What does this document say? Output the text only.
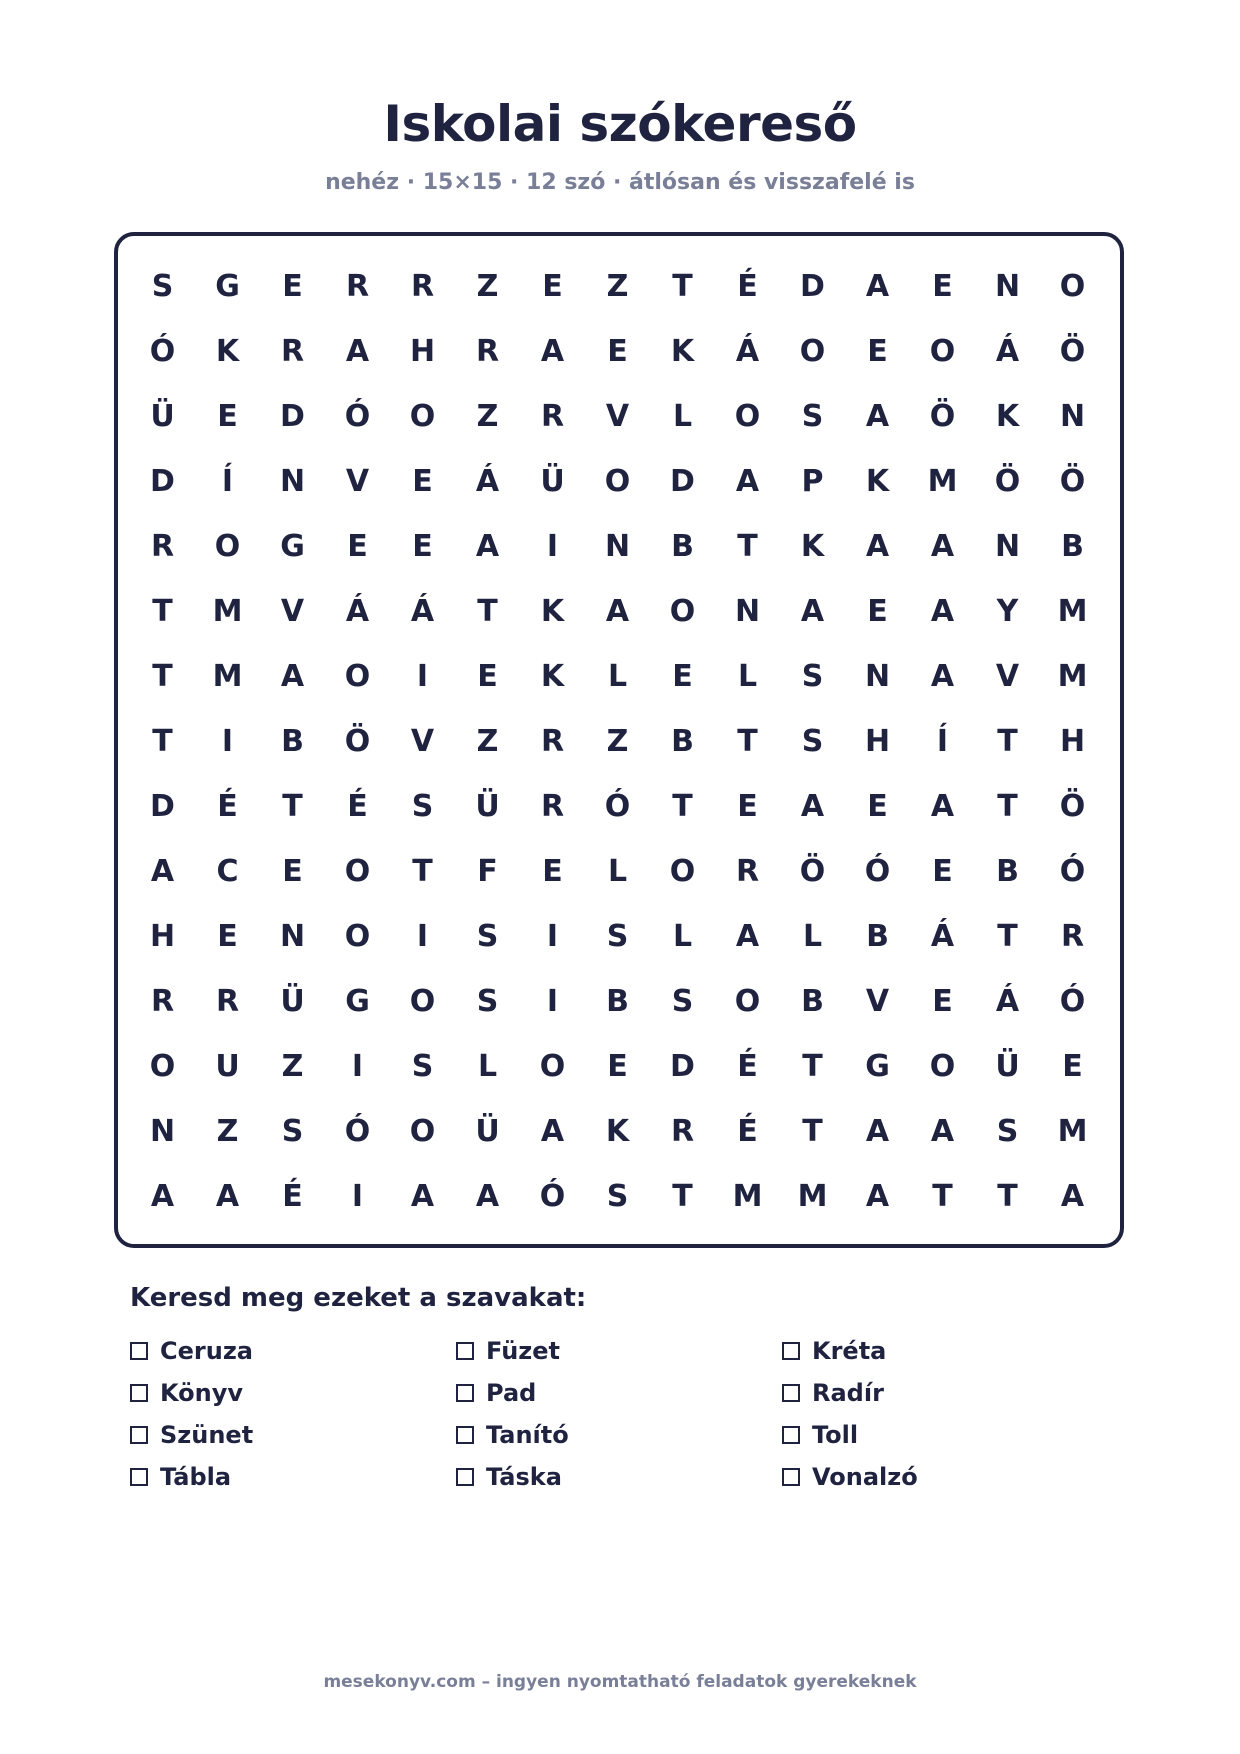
Iskolai szókereső
nehéz · 15×15 · 12 szó · átlósan és visszafelé is
S	G	E	R	R	Z	E	Z	T	É	D	A	E	N	O
Ó	K	R	A	H	R	A	E	K	Á	O	E	O	Á	Ö
Ü	E	D	Ó	O	Z	R	V	L	O	S	A	Ö	K	N
D	Í	N	V	E	Á	Ü	O	D	A	P	K	M	Ö	Ö
R	O	G	E	E	A	I	N	B	T	K	A	A	N	B
T	M	V	Á	Á	T	K	A	O	N	A	E	A	Y	M
T	M	A	O	I	E	K	L	E	L	S	N	A	V	M
T	I	B	Ö	V	Z	R	Z	B	T	S	H	Í	T	H
D	É	T	É	S	Ü	R	Ó	T	E	A	E	A	T	Ö
A	C	E	O	T	F	E	L	O	R	Ö	Ó	E	B	Ó
H	E	N	O	I	S	I	S	L	A	L	B	Á	T	R
R	R	Ü	G	O	S	I	B	S	O	B	V	E	Á	Ó
O	U	Z	I	S	L	O	E	D	É	T	G	O	Ü	E
N	Z	S	Ó	O	Ü	A	K	R	É	T	A	A	S	M
A	A	É	I	A	A	Ó	S	T	M	M	A	T	T	A
Keresd meg ezeket a szavakat:
Ceruza	Füzet	Kréta
Könyv	Pad	Radír
Szünet	Tanító	Toll
Tábla	Táska	Vonalzó
mesekonyv.com – ingyen nyomtatható feladatok gyerekeknek
